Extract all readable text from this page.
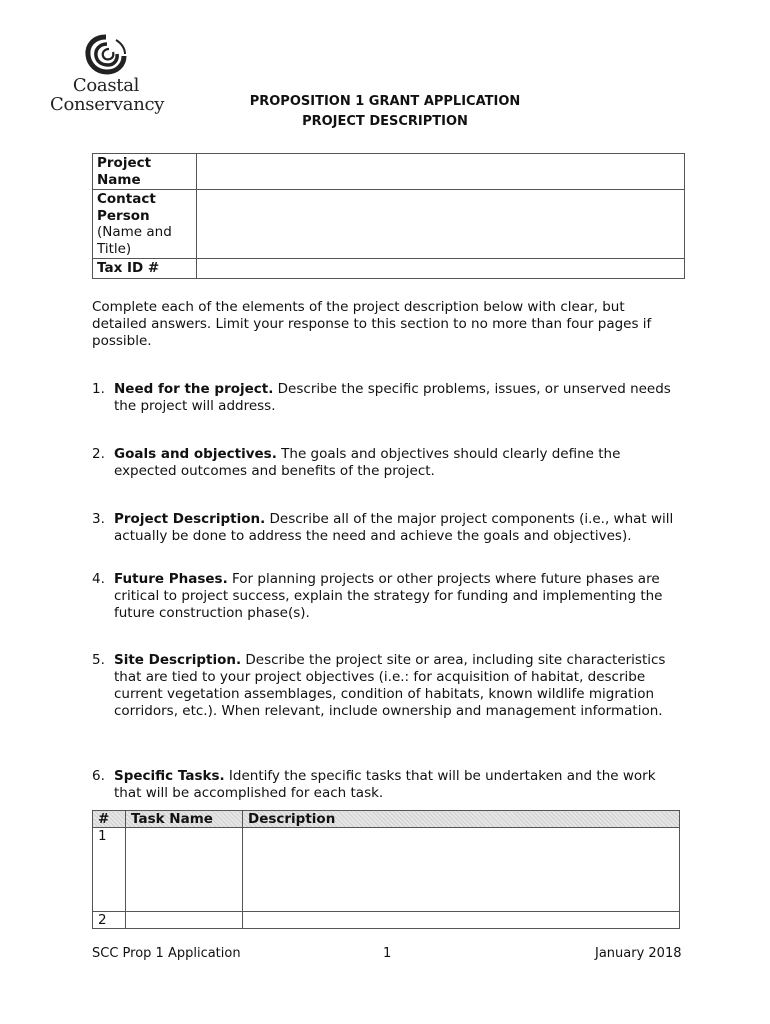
Coastal
Conservancy	PROPOSITION 1 GRANT APPLICATION
PROJECT DESCRIPTION
Project Name	
Contact Person
(Name and Title)	
Tax ID #	
Complete each of the elements of the project description below with clear, but detailed answers. Limit your response to this section to no more than four pages if possible.
1. Need for the project. Describe the specific problems, issues, or unserved needs the project will address.
2. Goals and objectives. The goals and objectives should clearly define the expected outcomes and benefits of the project.
3. Project Description. Describe all of the major project components (i.e., what will actually be done to address the need and achieve the goals and objectives).
4. Future Phases. For planning projects or other projects where future phases are critical to project success, explain the strategy for funding and implementing the future construction phase(s).
5. Site Description. Describe the project site or area, including site characteristics that are tied to your project objectives (i.e.: for acquisition of habitat, describe current vegetation assemblages, condition of habitats, known wildlife migration corridors, etc.). When relevant, include ownership and management information.
6. Specific Tasks. Identify the specific tasks that will be undertaken and the work that will be accomplished for each task.
#	Task Name	Description
1		
2		
SCC Prop 1 Application	1	January 2018
